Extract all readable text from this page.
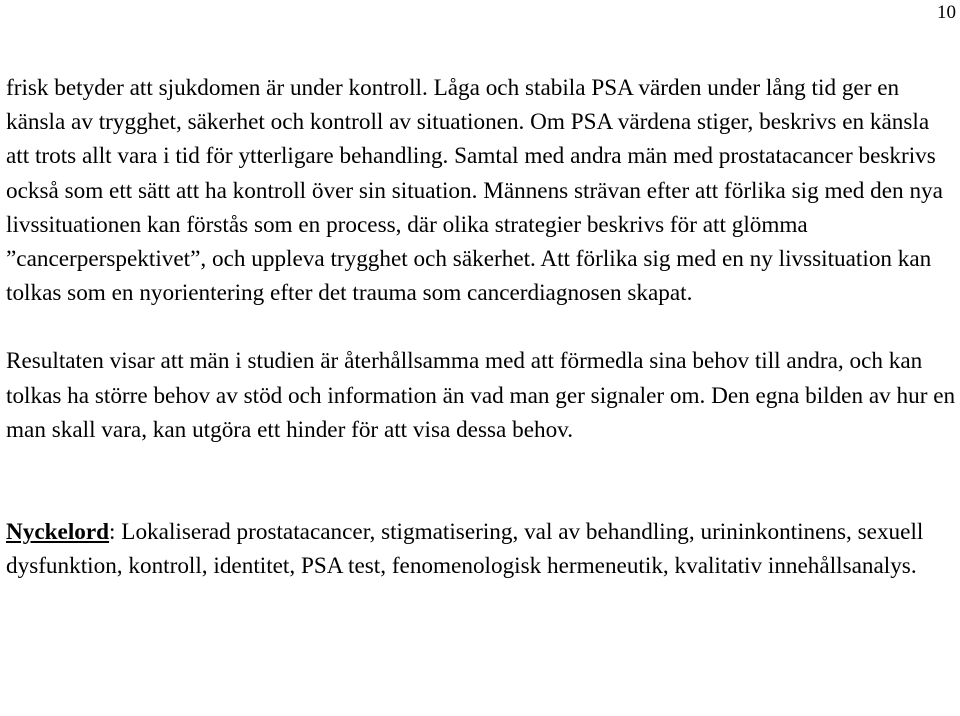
10

frisk betyder att sjukdomen är under kontroll. Låga och stabila PSA värden under lång tid ger en känsla av trygghet, säkerhet och kontroll av situationen. Om PSA värdena stiger, beskrivs en känsla att trots allt vara i tid för ytterligare behandling. Samtal med andra män med prostatacancer beskrivs också som ett sätt att ha kontroll över sin situation. Männens strävan efter att förlika sig med den nya livssituationen kan förstås som en process, där olika strategier beskrivs för att glömma ”cancerperspektivet”, och uppleva trygghet och säkerhet. Att förlika sig med en ny livssituation kan tolkas som en nyorientering efter det trauma som cancerdiagnosen skapat.

Resultaten visar att män i studien är återhållsamma med att förmedla sina behov till andra, och kan tolkas ha större behov av stöd och information än vad man ger signaler om. Den egna bilden av hur en man skall vara, kan utgöra ett hinder för att visa dessa behov.

Nyckelord: Lokaliserad prostatacancer, stigmatisering, val av behandling, urininkontinens, sexuell dysfunktion, kontroll, identitet, PSA test, fenomenologisk hermeneutik, kvalitativ innehållsanalys.
